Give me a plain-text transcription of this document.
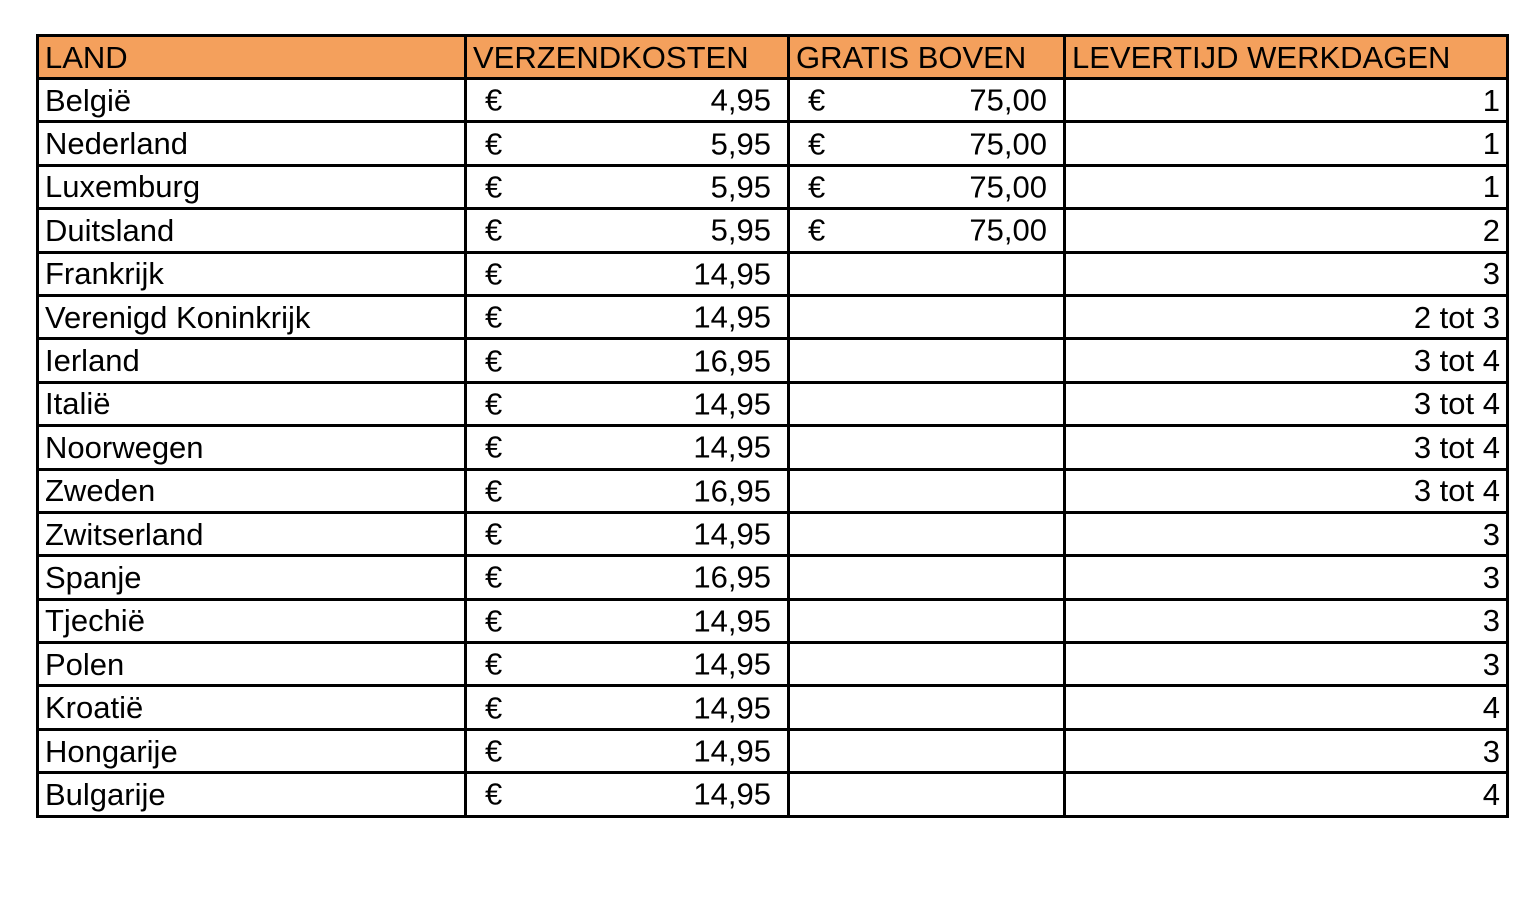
LAND	VERZENDKOSTEN	GRATIS BOVEN	LEVERTIJD WERKDAGEN
België	€ 4,95	€ 75,00	1
Nederland	€ 5,95	€ 75,00	1
Luxemburg	€ 5,95	€ 75,00	1
Duitsland	€ 5,95	€ 75,00	2
Frankrijk	€ 14,95		3
Verenigd Koninkrijk	€ 14,95		2 tot 3
Ierland	€ 16,95		3 tot 4
Italië	€ 14,95		3 tot 4
Noorwegen	€ 14,95		3 tot 4
Zweden	€ 16,95		3 tot 4
Zwitserland	€ 14,95		3
Spanje	€ 16,95		3
Tjechië	€ 14,95		3
Polen	€ 14,95		3
Kroatië	€ 14,95		4
Hongarije	€ 14,95		3
Bulgarije	€ 14,95		4
